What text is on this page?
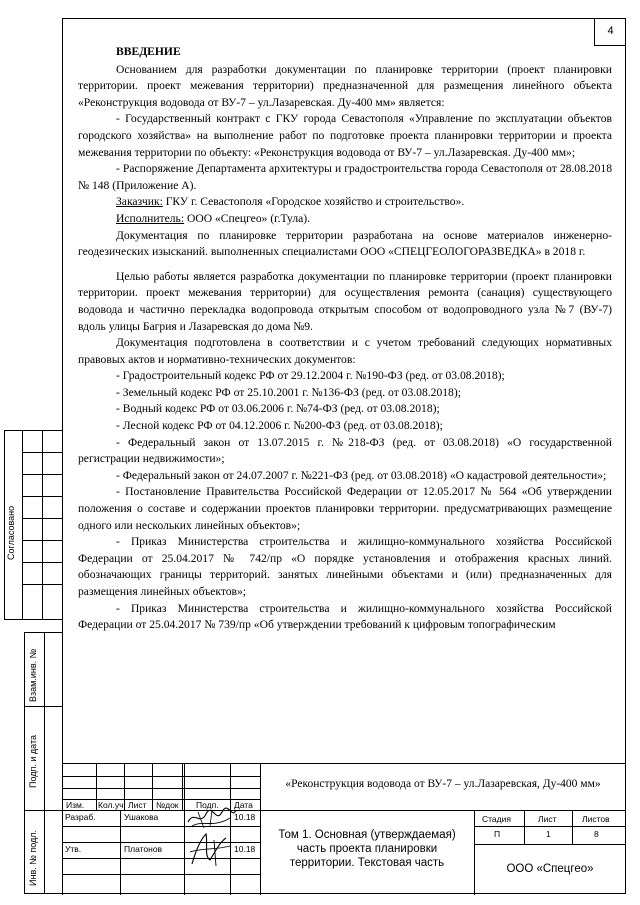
4

ВВЕДЕНИЕ

Основанием для разработки документации по планировке территории (проект планировки территории. проект межевания территории) предназначенной для размещения линейного объекта «Реконструкция водовода от ВУ-7 – ул.Лазаревская. Ду-400 мм» является:

- Государственный контракт с ГКУ города Севастополя «Управление по эксплуатации объектов городского хозяйства» на выполнение работ по подготовке проекта планировки территории и проекта межевания территории по объекту: «Реконструкция водовода от ВУ-7 – ул.Лазаревская. Ду-400 мм»;

- Распоряжение Департамента архитектуры и градостроительства города Севастополя от 28.08.2018 № 148 (Приложение А).

Заказчик: ГКУ г. Севастополя «Городское хозяйство и строительство».

Исполнитель: ООО «Спецгео» (г.Тула).

Документация по планировке территории разработана на основе материалов инженерно-геодезических изысканий. выполненных специалистами ООО «СПЕЦГЕОЛОГОРАЗВЕДКА» в 2018 г.

Целью работы является разработка документации по планировке территории (проект планировки территории. проект межевания территории) для осуществления ремонта (санация) существующего водовода и частично перекладка водопровода открытым способом от водопроводного узла №7 (ВУ-7) вдоль улицы Багрия и Лазаревская до дома №9.

Документация подготовлена в соответствии и с учетом требований следующих нормативных правовых актов и нормативно-технических документов:

- Градостроительный кодекс РФ от 29.12.2004 г. №190-ФЗ (ред. от 03.08.2018);

- Земельный кодекс РФ от 25.10.2001 г. №136-ФЗ (ред. от 03.08.2018);

- Водный кодекс РФ от 03.06.2006 г. №74-ФЗ (ред. от 03.08.2018);

- Лесной кодекс РФ от 04.12.2006 г. №200-ФЗ (ред. от 03.08.2018);

- Федеральный закон от 13.07.2015 г. №218-ФЗ (ред. от 03.08.2018) «О государственной регистрации недвижимости»;

- Федеральный закон от 24.07.2007 г. №221-ФЗ (ред. от 03.08.2018) «О кадастровой деятельности»;

- Постановление Правительства Российской Федерации от 12.05.2017 № 564 «Об утверждении положения о составе и содержании проектов планировки территории. предусматривающих размещение одного или нескольких линейных объектов»;

- Приказ Министерства строительства и жилищно-коммунального хозяйства Российской Федерации от 25.04.2017 № 742/пр «О порядке установления и отображения красных линий. обозначающих границы территорий. занятых линейными объектами и (или) предназначенных для размещения линейных объектов»;

- Приказ Министерства строительства и жилищно-коммунального хозяйства Российской Федерации от 25.04.2017 № 739/пр «Об утверждении требований к цифровым топографическим

Согласовано
Взам.инв. №
Подп. и дата
Инв. № подл.
Изм. Кол.уч Лист №док Подп. Дата
Разраб.	Ушакова	10.18
Утв.	Платонов	10.18
«Реконструкция водовода от ВУ-7 – ул.Лазаревская, Ду-400 мм»
Том 1. Основная (утверждаемая) часть проекта планировки территории. Текстовая часть
Стадия	Лист	Листов
П	1	8
ООО «Спецгео»
